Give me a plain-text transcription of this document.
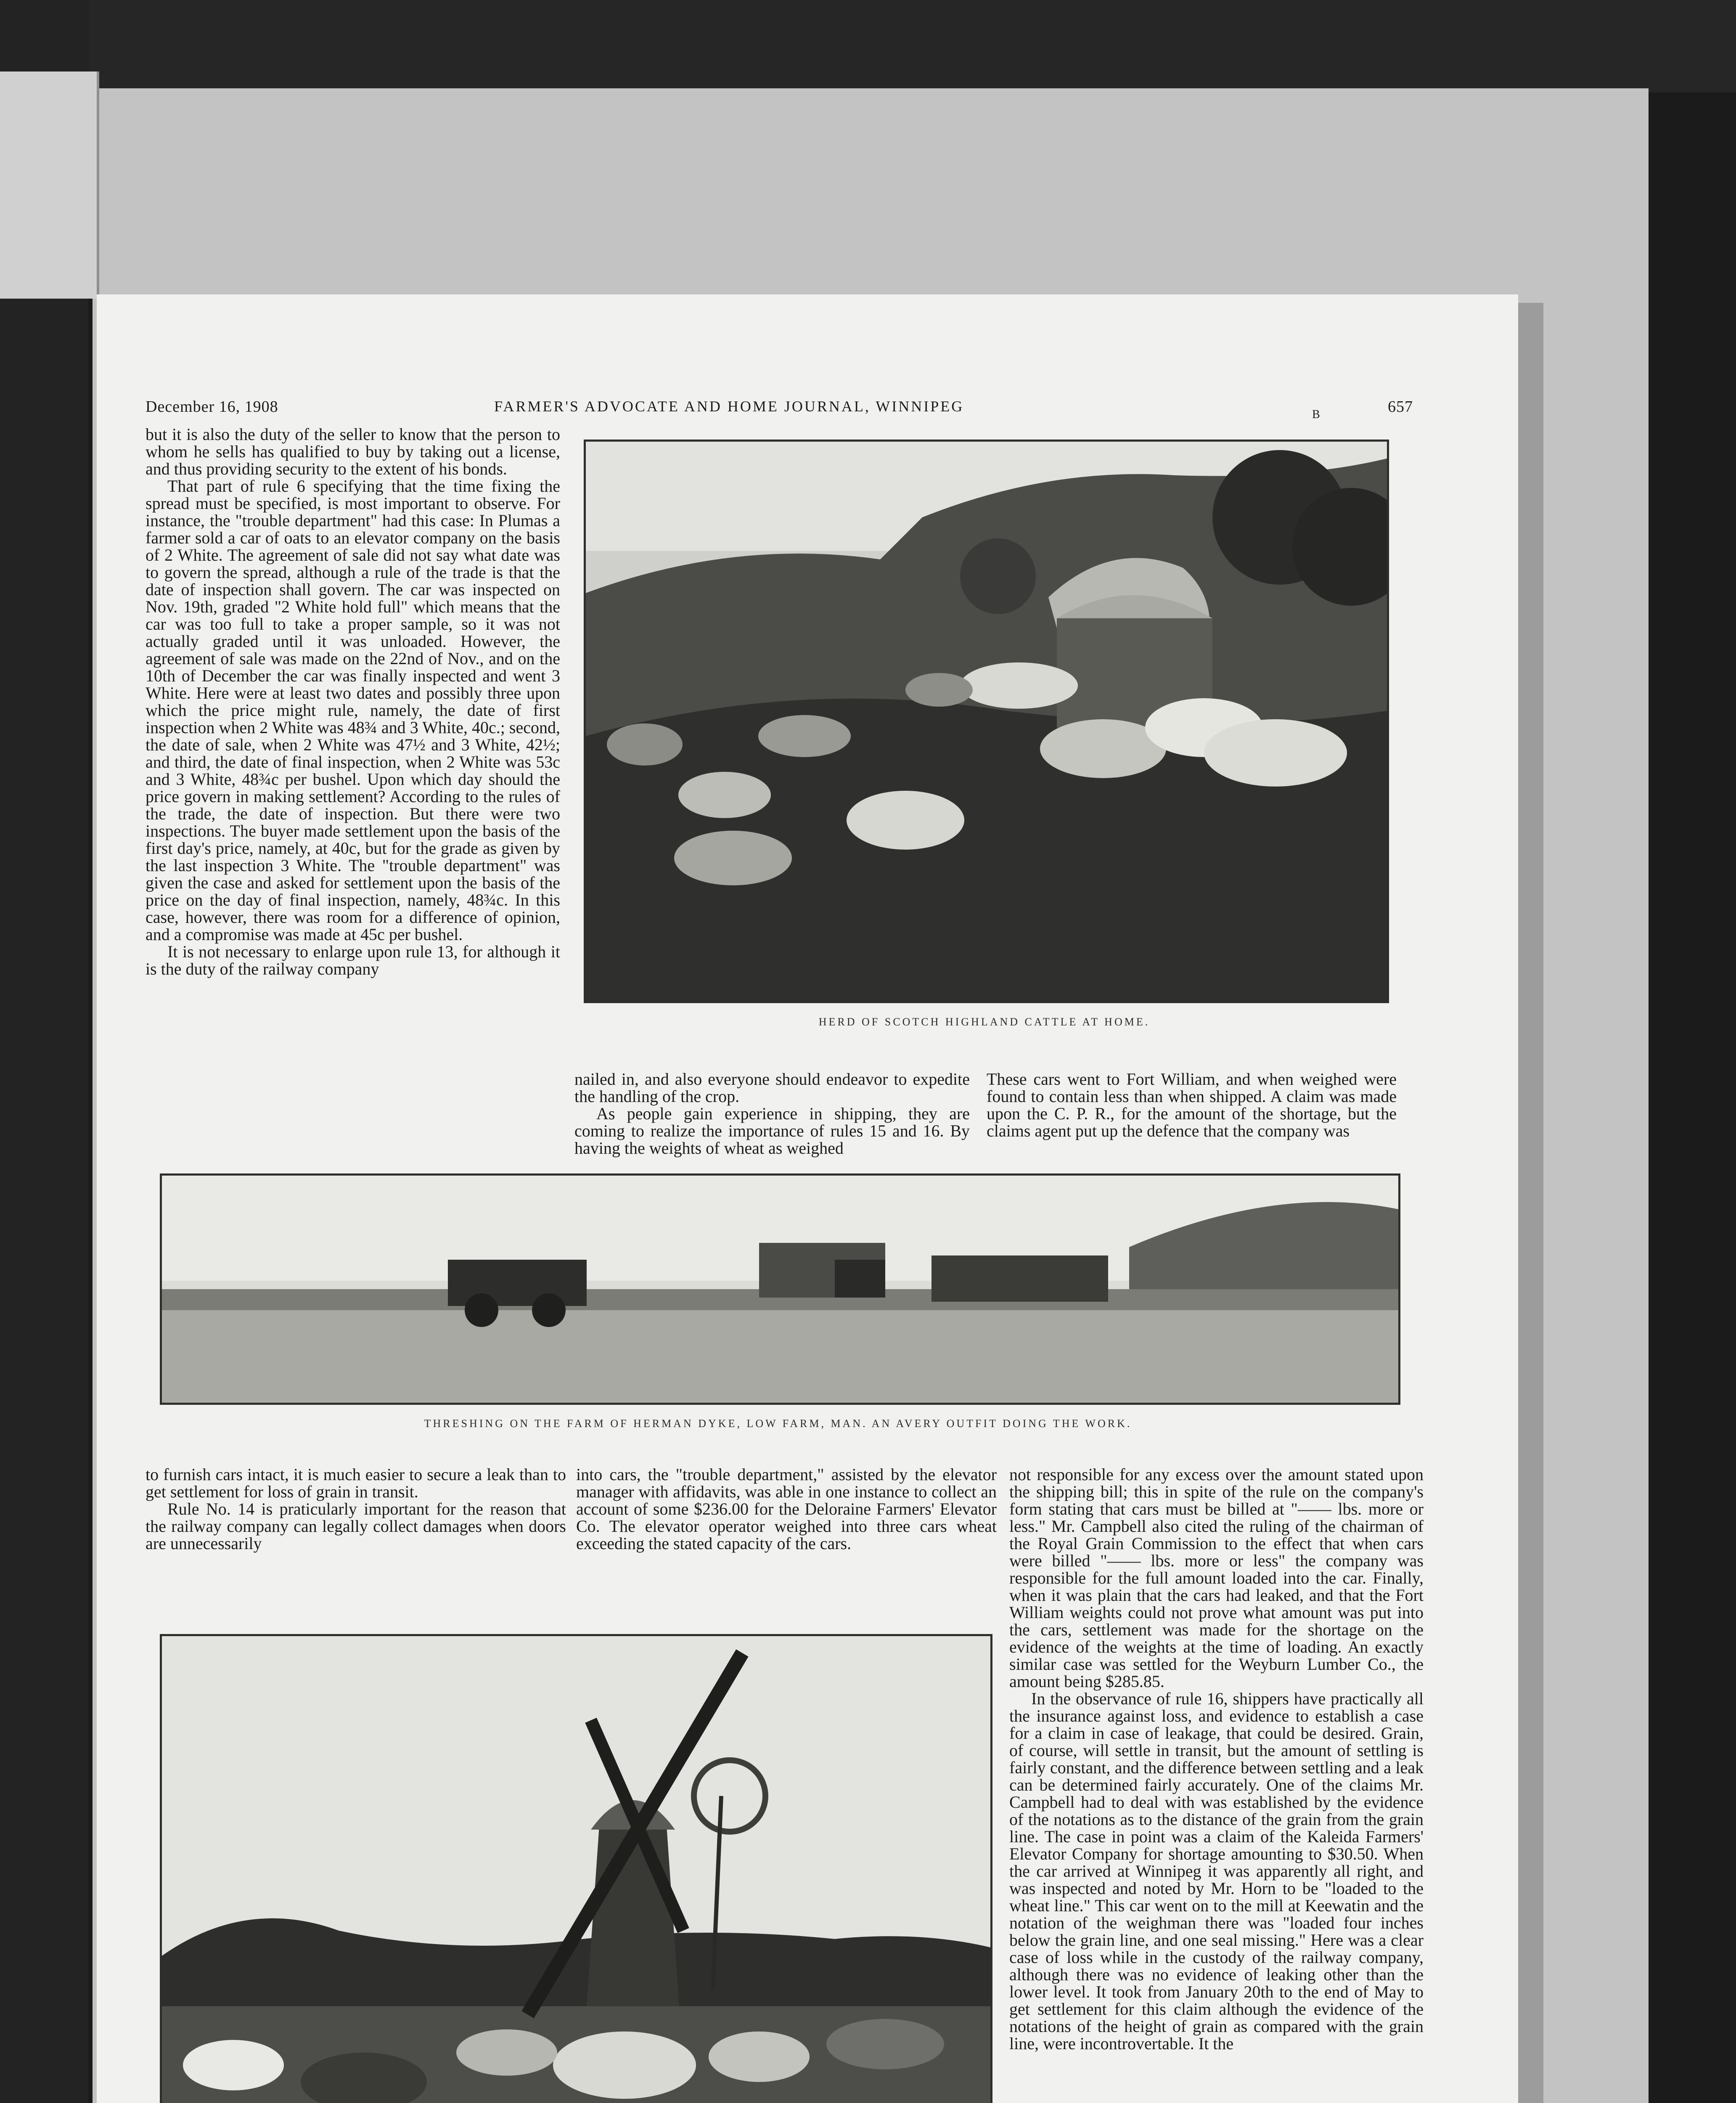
December 16, 1908	FARMER'S ADVOCATE AND HOME JOURNAL, WINNIPEG	B	657

but it is also the duty of the seller to know that the person to whom he sells has qualified to buy by taking out a license, and thus providing security to the extent of his bonds.

That part of rule 6 specifying that the time fixing the spread must be specified, is most important to observe. For instance, the "trouble department" had this case: In Plumas a farmer sold a car of oats to an elevator company on the basis of 2 White. The agreement of sale did not say what date was to govern the spread, although a rule of the trade is that the date of inspection shall govern. The car was inspected on Nov. 19th, graded "2 White hold full" which means that the car was too full to take a proper sample, so it was not actually graded until it was unloaded. However, the agreement of sale was made on the 22nd of Nov., and on the 10th of December the car was finally inspected and went 3 White. Here were at least two dates and possibly three upon which the price might rule, namely, the date of first inspection when 2 White was 48¾ and 3 White, 40c.; second, the date of sale, when 2 White was 47½ and 3 White, 42½; and third, the date of final inspection, when 2 White was 53c and 3 White, 48¾c per bushel. Upon which day should the price govern in making settlement? According to the rules of the trade, the date of inspection. But there were two inspections. The buyer made settlement upon the basis of the first day's price, namely, at 40c, but for the grade as given by the last inspection 3 White. The "trouble department" was given the case and asked for settlement upon the basis of the price on the day of final inspection, namely, 48¾c. In this case, however, there was room for a difference of opinion, and a compromise was made at 45c per bushel.

It is not necessary to enlarge upon rule 13, for although it is the duty of the railway company

HERD OF SCOTCH HIGHLAND CATTLE AT HOME.

nailed in, and also everyone should endeavor to expedite the handling of the crop.

As people gain experience in shipping, they are coming to realize the importance of rules 15 and 16. By having the weights of wheat as weighed

These cars went to Fort William, and when weighed were found to contain less than when shipped. A claim was made upon the C. P. R., for the amount of the shortage, but the claims agent put up the defence that the company was

THRESHING ON THE FARM OF HERMAN DYKE, LOW FARM, MAN. AN AVERY OUTFIT DOING THE WORK.

to furnish cars intact, it is much easier to secure a leak than to get settlement for loss of grain in transit.

Rule No. 14 is praticularly important for the reason that the railway company can legally collect damages when doors are unnecessarily

into cars, the "trouble department," assisted by the elevator manager with affidavits, was able in one instance to collect an account of some $236.00 for the Deloraine Farmers' Elevator Co. The elevator operator weighed into three cars wheat exceeding the stated capacity of the cars.

not responsible for any excess over the amount stated upon the shipping bill; this in spite of the rule on the company's form stating that cars must be billed at "—— lbs. more or less." Mr. Campbell also cited the ruling of the chairman of the Royal Grain Commission to the effect that when cars were billed "—— lbs. more or less" the company was responsible for the full amount loaded into the car. Finally, when it was plain that the cars had leaked, and that the Fort William weights could not prove what amount was put into the cars, settlement was made for the shortage on the evidence of the weights at the time of loading. An exactly similar case was settled for the Weyburn Lumber Co., the amount being $285.85.

In the observance of rule 16, shippers have practically all the insurance against loss, and evidence to establish a case for a claim in case of leakage, that could be desired. Grain, of course, will settle in transit, but the amount of settling is fairly constant, and the difference between settling and a leak can be determined fairly accurately. One of the claims Mr. Campbell had to deal with was established by the evidence of the notations as to the distance of the grain from the grain line. The case in point was a claim of the Kaleida Farmers' Elevator Company for shortage amounting to $30.50. When the car arrived at Winnipeg it was apparently all right, and was inspected and noted by Mr. Horn to be "loaded to the wheat line." This car went on to the mill at Keewatin and the notation of the weighman there was "loaded four inches below the grain line, and one seal missing." Here was a clear case of loss while in the custody of the railway company, although there was no evidence of leaking other than the lower level. It took from January 20th to the end of May to get settlement for this claim although the evidence of the notations of the height of grain as compared with the grain line, were incontrovertable. It the
